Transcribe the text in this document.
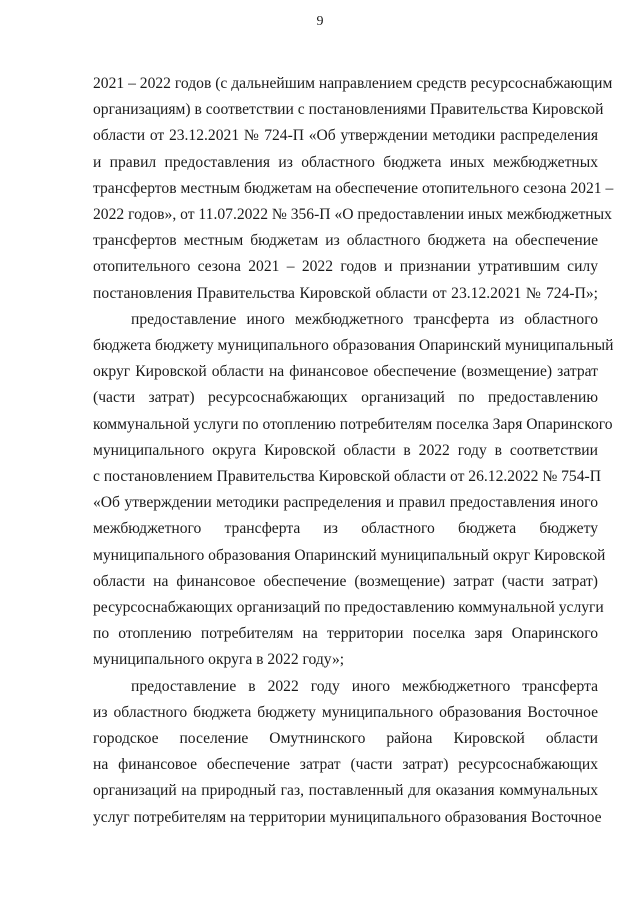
9
2021 – 2022 годов (с дальнейшим направлением средств ресурсоснабжающим
организациям) в соответствии с постановлениями Правительства Кировской
области от 23.12.2021 № 724-П «Об утверждении методики распределения
и правил предоставления из областного бюджета иных межбюджетных
трансфертов местным бюджетам на обеспечение отопительного сезона 2021 –
2022 годов», от 11.07.2022 № 356-П «О предоставлении иных межбюджетных
трансфертов местным бюджетам из областного бюджета на обеспечение
отопительного сезона 2021 – 2022 годов и признании утратившим силу
постановления Правительства Кировской области от 23.12.2021 № 724-П»;
предоставление иного межбюджетного трансферта из областного
бюджета бюджету муниципального образования Опаринский муниципальный
округ Кировской области на финансовое обеспечение (возмещение) затрат
(части затрат) ресурсоснабжающих организаций по предоставлению
коммунальной услуги по отоплению потребителям поселка Заря Опаринского
муниципального округа Кировской области в 2022 году в соответствии
с постановлением Правительства Кировской области от 26.12.2022 № 754-П
«Об утверждении методики распределения и правил предоставления иного
межбюджетного трансферта из областного бюджета бюджету
муниципального образования Опаринский муниципальный округ Кировской
области на финансовое обеспечение (возмещение) затрат (части затрат)
ресурсоснабжающих организаций по предоставлению коммунальной услуги
по отоплению потребителям на территории поселка заря Опаринского
муниципального округа в 2022 году»;
предоставление в 2022 году иного межбюджетного трансферта
из областного бюджета бюджету муниципального образования Восточное
городское поселение Омутнинского района Кировской области
на финансовое обеспечение затрат (части затрат) ресурсоснабжающих
организаций на природный газ, поставленный для оказания коммунальных
услуг потребителям на территории муниципального образования Восточное
